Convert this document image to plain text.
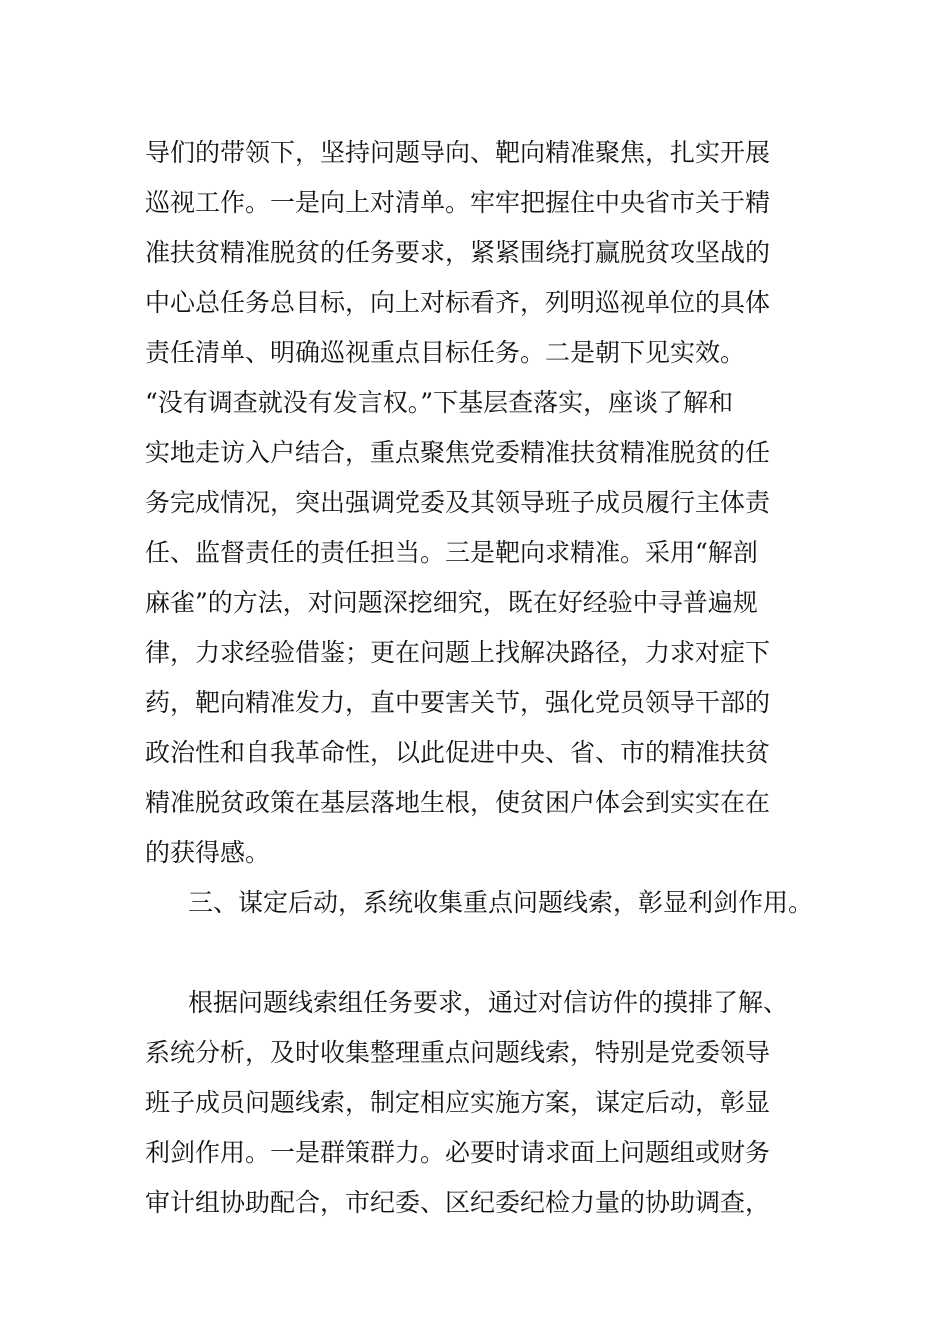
导们的带领下，坚持问题导向、靶向精准聚焦，扎实开展
巡视工作。一是向上对清单。牢牢把握住中央省市关于精
准扶贫精准脱贫的任务要求，紧紧围绕打赢脱贫攻坚战的
中心总任务总目标，向上对标看齐，列明巡视单位的具体
责任清单、明确巡视重点目标任务。二是朝下见实效。
“没有调查就没有发言权。”下基层查落实，座谈了解和
实地走访入户结合，重点聚焦党委精准扶贫精准脱贫的任
务完成情况，突出强调党委及其领导班子成员履行主体责
任、监督责任的责任担当。三是靶向求精准。采用“解剖
麻雀”的方法，对问题深挖细究，既在好经验中寻普遍规
律，力求经验借鉴；更在问题上找解决路径，力求对症下
药，靶向精准发力，直中要害关节，强化党员领导干部的
政治性和自我革命性，以此促进中央、省、市的精准扶贫
精准脱贫政策在基层落地生根，使贫困户体会到实实在在
的获得感。
三、谋定后动，系统收集重点问题线索，彰显利剑作用。
根据问题线索组任务要求，通过对信访件的摸排了解、
系统分析，及时收集整理重点问题线索，特别是党委领导
班子成员问题线索，制定相应实施方案，谋定后动，彰显
利剑作用。一是群策群力。必要时请求面上问题组或财务
审计组协助配合，市纪委、区纪委纪检力量的协助调查，
